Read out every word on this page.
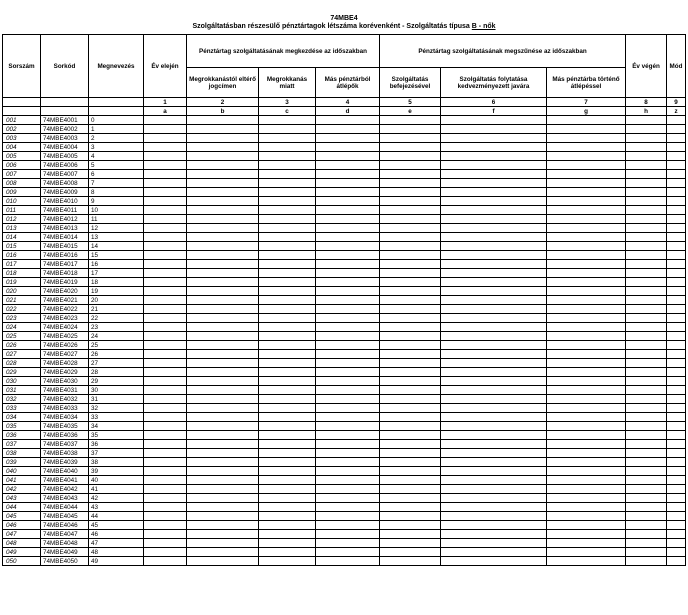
74MBE4
Szolgáltatásban részesülő pénztártagok létszáma korévenként - Szolgáltatás típusa B - nők
Sorszám	Sorkód	Megnevezés	Év elején	Pénztártag szolgáltatásának megkezdése az időszakban			Pénztártag szolgáltatásának megszűnése az időszakban			Év végén	Mód
				Megrokkanástól eltérő jogcímen	Megrokkanás miatt	Más pénztárból átlépők	Szolgáltatás befejezésével	Szolgáltatás folytatása kedvezményezett javára	Más pénztárba történő átlépéssel		
			1	2	3	4	5	6	7	8	9
			a	b	c	d	e	f	g	h	z
001	74MBE4001	0									
002	74MBE4002	1									
003	74MBE4003	2									
004	74MBE4004	3									
005	74MBE4005	4									
006	74MBE4006	5									
007	74MBE4007	6									
008	74MBE4008	7									
009	74MBE4009	8									
010	74MBE4010	9									
011	74MBE4011	10									
012	74MBE4012	11									
013	74MBE4013	12									
014	74MBE4014	13									
015	74MBE4015	14									
016	74MBE4016	15									
017	74MBE4017	16									
018	74MBE4018	17									
019	74MBE4019	18									
020	74MBE4020	19									
021	74MBE4021	20									
022	74MBE4022	21									
023	74MBE4023	22									
024	74MBE4024	23									
025	74MBE4025	24									
026	74MBE4026	25									
027	74MBE4027	26									
028	74MBE4028	27									
029	74MBE4029	28									
030	74MBE4030	29									
031	74MBE4031	30									
032	74MBE4032	31									
033	74MBE4033	32									
034	74MBE4034	33									
035	74MBE4035	34									
036	74MBE4036	35									
037	74MBE4037	36									
038	74MBE4038	37									
039	74MBE4039	38									
040	74MBE4040	39									
041	74MBE4041	40									
042	74MBE4042	41									
043	74MBE4043	42									
044	74MBE4044	43									
045	74MBE4045	44									
046	74MBE4046	45									
047	74MBE4047	46									
048	74MBE4048	47									
049	74MBE4049	48									
050	74MBE4050	49									
